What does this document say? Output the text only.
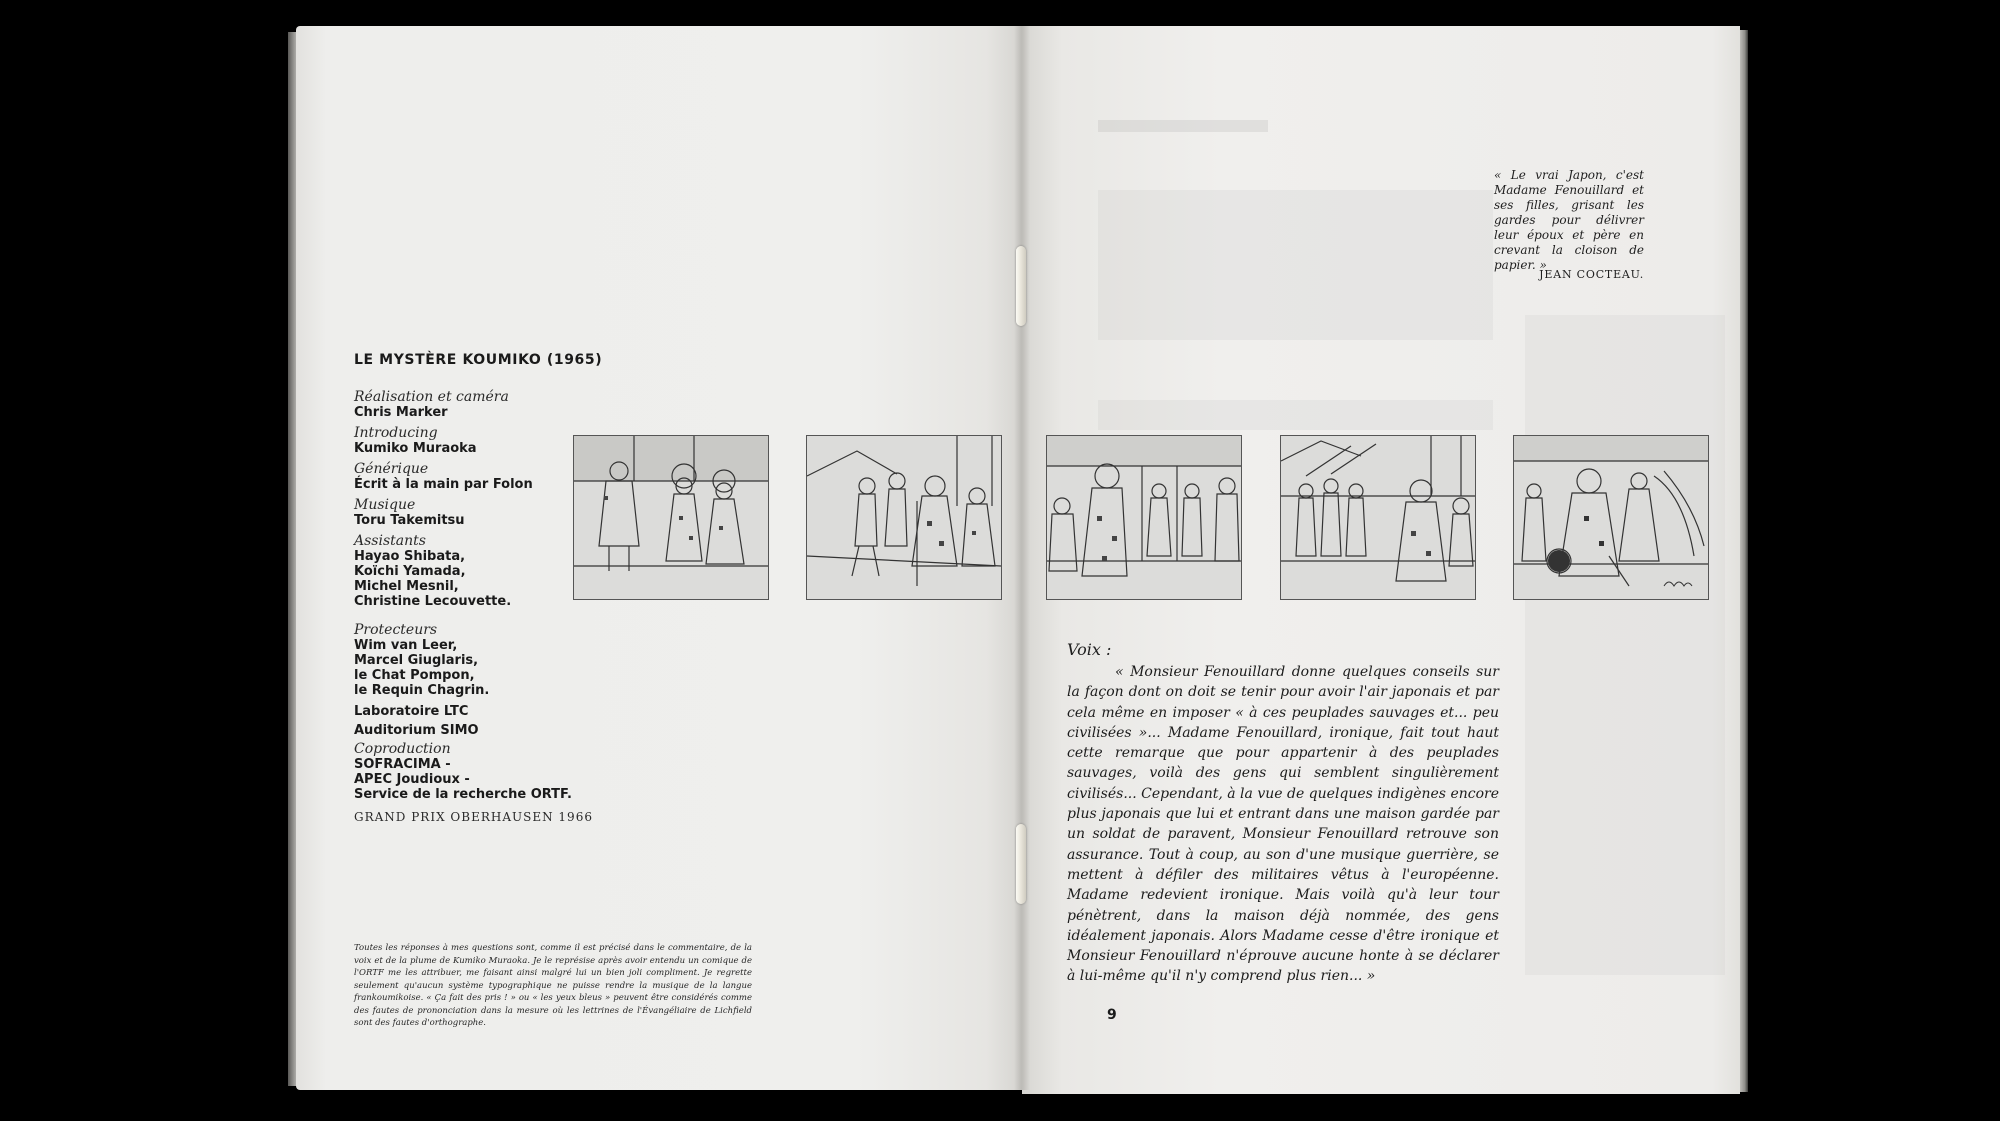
LE MYSTÈRE KOUMIKO (1965)

Réalisation et caméra

Chris Marker

Introducing

Kumiko Muraoka

Générique

Écrit à la main par Folon

Musique

Toru Takemitsu

Assistants

Hayao Shibata,
Koïchi Yamada,
Michel Mesnil,
Christine Lecouvette.

Protecteurs

Wim van Leer,
Marcel Giuglaris,
le Chat Pompon,
le Requin Chagrin.

Laboratoire LTC

Auditorium SIMO

Coproduction

SOFRACIMA -
APEC Joudioux -
Service de la recherche ORTF.

GRAND PRIX OBERHAUSEN 1966
Toutes les réponses à mes questions sont, comme il est précisé dans le commentaire, de la voix et de la plume de Kumiko Muraoka. Je le représise après avoir entendu un comique de l'ORTF me les attribuer, me faisant ainsi malgré lui un bien joli compliment. Je regrette seulement qu'aucun système typographique ne puisse rendre la musique de la langue frankoumikoise. « Ça fait des pris ! » ou « les yeux bleus » peuvent être considérés comme des fautes de prononciation dans la mesure où les lettrines de l'Évangéliaire de Lichfield sont des fautes d'orthographe.
« Le vrai Japon, c'est Madame Fenouillard et ses filles, grisant les gardes pour délivrer leur époux et père en crevant la cloison de papier. »
JEAN COCTEAU.
Voix :
« Monsieur Fenouillard donne quelques conseils sur la façon dont on doit se tenir pour avoir l'air japonais et par cela même en imposer « à ces peuplades sauvages et... peu civilisées »... Madame Fenouillard, ironique, fait tout haut cette remarque que pour appartenir à des peuplades sauvages, voilà des gens qui semblent singulièrement civilisés... Cependant, à la vue de quelques indigènes encore plus japonais que lui et entrant dans une maison gardée par un soldat de paravent, Monsieur Fenouillard retrouve son assurance. Tout à coup, au son d'une musique guerrière, se mettent à défiler des militaires vêtus à l'européenne. Madame redevient ironique. Mais voilà qu'à leur tour pénètrent, dans la maison déjà nommée, des gens idéalement japonais. Alors Madame cesse d'être ironique et Monsieur Fenouillard n'éprouve aucune honte à se déclarer à lui-même qu'il n'y comprend plus rien... »
9
